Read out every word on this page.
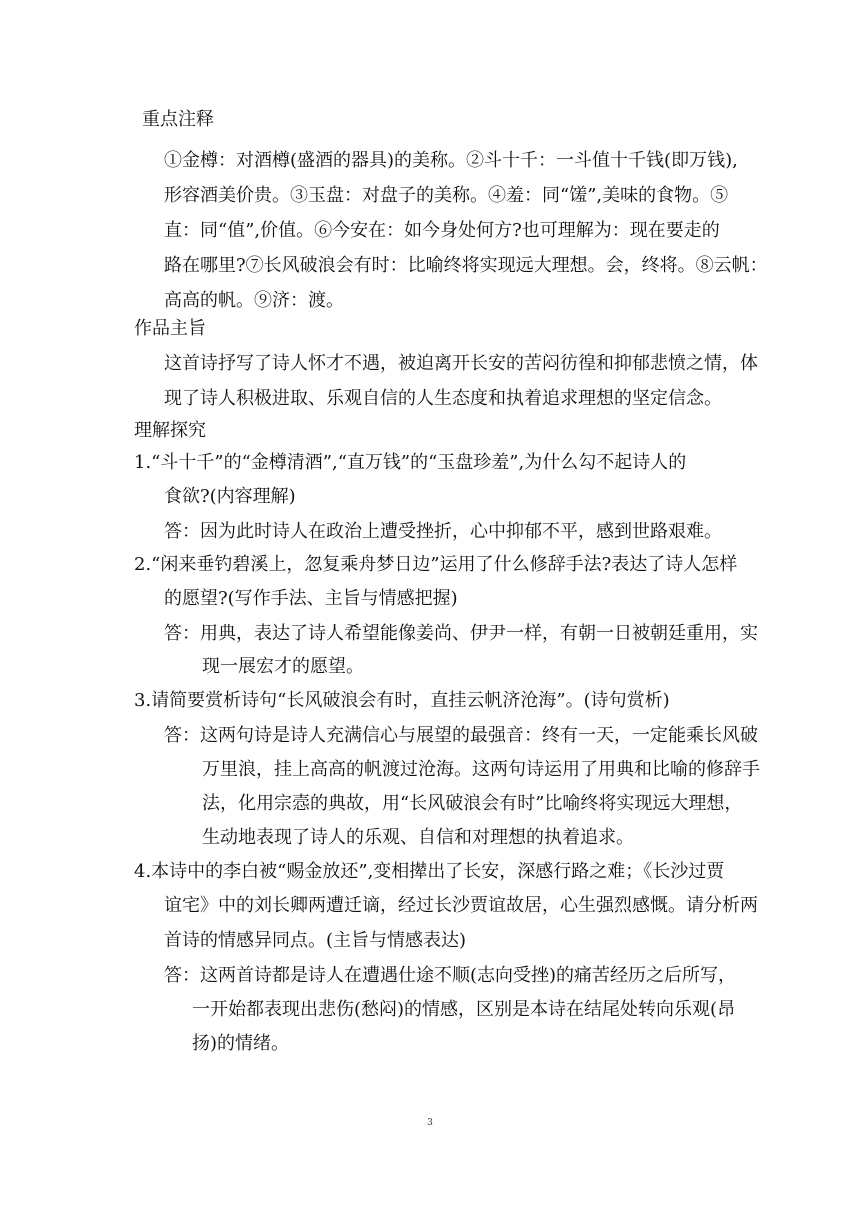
重点注释
①金樽：对酒樽(盛酒的器具)的美称。②斗十千：一斗值十千钱(即万钱),
形容酒美价贵。③玉盘：对盘子的美称。④羞：同“馐”,美味的食物。⑤
直：同“值”,价值。⑥今安在：如今身处何方?也可理解为：现在要走的
路在哪里?⑦长风破浪会有时：比喻终将实现远大理想。会，终将。⑧云帆：
高高的帆。⑨济：渡。
作品主旨
这首诗抒写了诗人怀才不遇，被迫离开长安的苦闷彷徨和抑郁悲愤之情，体
现了诗人积极进取、乐观自信的人生态度和执着追求理想的坚定信念。
理解探究
1.“斗十千”的“金樽清酒”,“直万钱”的“玉盘珍羞”,为什么勾不起诗人的
食欲?(内容理解)
答：因为此时诗人在政治上遭受挫折，心中抑郁不平，感到世路艰难。
2.“闲来垂钓碧溪上，忽复乘舟梦日边”运用了什么修辞手法?表达了诗人怎样
的愿望?(写作手法、主旨与情感把握)
答：用典，表达了诗人希望能像姜尚、伊尹一样，有朝一日被朝廷重用，实
现一展宏才的愿望。
3.请简要赏析诗句“长风破浪会有时，直挂云帆济沧海”。(诗句赏析)
答：这两句诗是诗人充满信心与展望的最强音：终有一天，一定能乘长风破
万里浪，挂上高高的帆渡过沧海。这两句诗运用了用典和比喻的修辞手
法，化用宗悫的典故，用“长风破浪会有时”比喻终将实现远大理想，
生动地表现了诗人的乐观、自信和对理想的执着追求。
4.本诗中的李白被“赐金放还”,变相撵出了长安，深感行路之难；《长沙过贾
谊宅》中的刘长卿两遭迁谪，经过长沙贾谊故居，心生强烈感慨。请分析两
首诗的情感异同点。(主旨与情感表达)
答：这两首诗都是诗人在遭遇仕途不顺(志向受挫)的痛苦经历之后所写，
一开始都表现出悲伤(愁闷)的情感，区别是本诗在结尾处转向乐观(昂
扬)的情绪。
3
